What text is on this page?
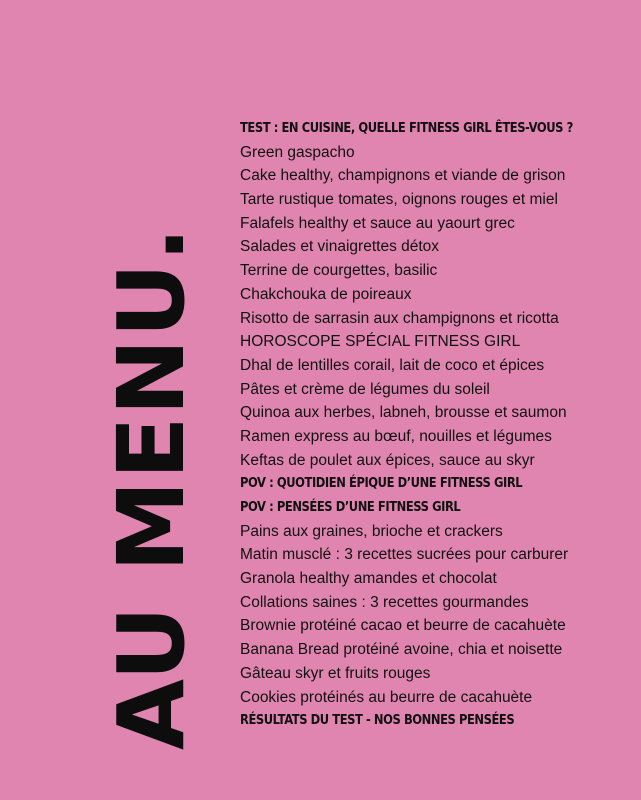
AU MENU.
TEST : EN CUISINE, QUELLE FITNESS GIRL ÊTES-VOUS ?
Green gaspacho
Cake healthy, champignons et viande de grison
Tarte rustique tomates, oignons rouges et miel
Falafels healthy et sauce au yaourt grec
Salades et vinaigrettes détox
Terrine de courgettes, basilic
Chakchouka de poireaux
Risotto de sarrasin aux champignons et ricotta
HOROSCOPE SPÉCIAL FITNESS GIRL
Dhal de lentilles corail, lait de coco et épices
Pâtes et crème de légumes du soleil
Quinoa aux herbes, labneh, brousse et saumon
Ramen express au bœuf, nouilles et légumes
Keftas de poulet aux épices, sauce au skyr
POV : QUOTIDIEN ÉPIQUE D’UNE FITNESS GIRL
POV : PENSÉES D’UNE FITNESS GIRL
Pains aux graines, brioche et crackers
Matin musclé : 3 recettes sucrées pour carburer
Granola healthy amandes et chocolat
Collations saines : 3 recettes gourmandes
Brownie protéiné cacao et beurre de cacahuète
Banana Bread protéiné avoine, chia et noisette
Gâteau skyr et fruits rouges
Cookies protéinés au beurre de cacahuète
RÉSULTATS DU TEST - NOS BONNES PENSÉES
